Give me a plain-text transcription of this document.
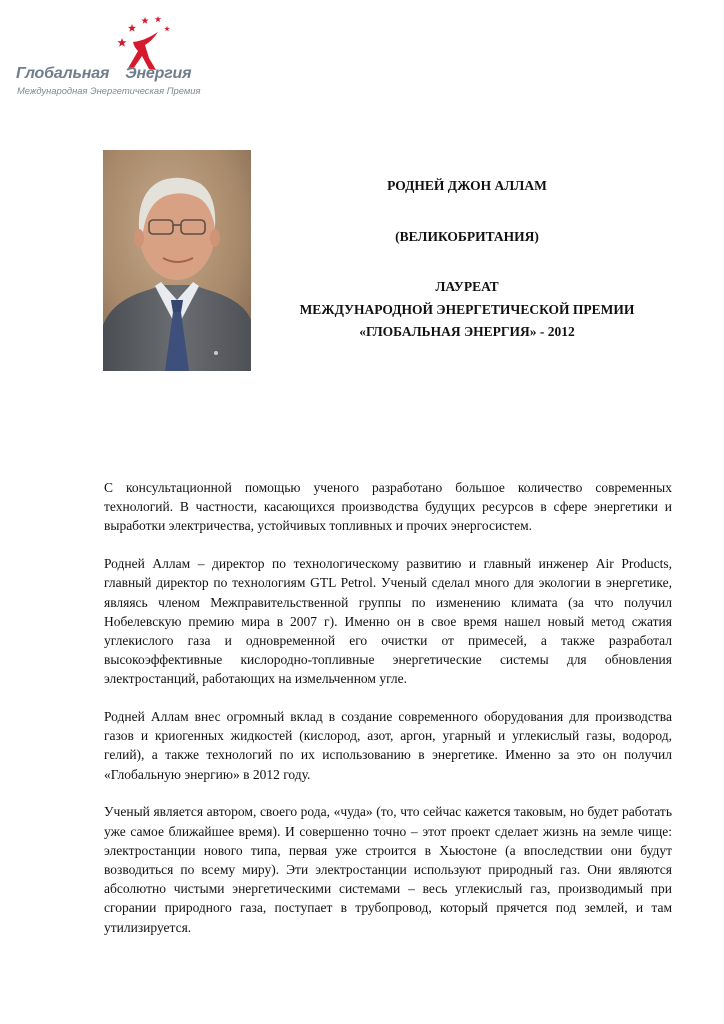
Глобальная Энергия
Международная Энергетическая Премия
РОДНЕЙ ДЖОН АЛЛАМ
(ВЕЛИКОБРИТАНИЯ)
ЛАУРЕАТ
МЕЖДУНАРОДНОЙ ЭНЕРГЕТИЧЕСКОЙ ПРЕМИИ
«ГЛОБАЛЬНАЯ ЭНЕРГИЯ» - 2012

С консультационной помощью ученого разработано большое количество современных технологий. В частности, касающихся производства будущих ресурсов в сфере энергетики и выработки электричества, устойчивых топливных и прочих энергосистем.

Родней Аллам – директор по технологическому развитию и главный инженер Air Products, главный директор по технологиям GTL Petrol. Ученый сделал много для экологии в энергетике, являясь членом Межправительственной группы по изменению климата (за что получил Нобелевскую премию мира в 2007 г). Именно он в свое время нашел новый метод сжатия углекислого газа и одновременной его очистки от примесей, а также разработал высокоэффективные кислородно-топливные энергетические системы для обновления электростанций, работающих на измельченном угле.

Родней Аллам внес огромный вклад в создание современного оборудования для производства газов и криогенных жидкостей (кислород, азот, аргон, угарный и углекислый газы, водород, гелий), а также технологий по их использованию в энергетике. Именно за это он получил «Глобальную энергию» в 2012 году.

Ученый является автором, своего рода, «чуда» (то, что сейчас кажется таковым, но будет работать уже самое ближайшее время). И совершенно точно – этот проект сделает жизнь на земле чище: электростанции нового типа, первая уже строится в Хьюстоне (а впоследствии они будут возводиться по всему миру). Эти электростанции используют природный газ. Они являются абсолютно чистыми энергетическими системами – весь углекислый газ, производимый при сгорании природного газа, поступает в трубопровод, который прячется под землей, и там утилизируется.
